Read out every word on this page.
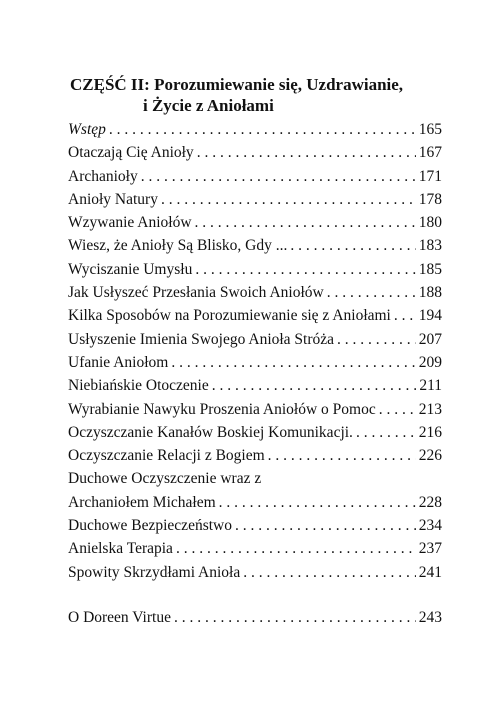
CZĘŚĆ II: Porozumiewanie się, Uzdrawianie,
i Życie z Aniołami
Wstęp . . .	165
Otaczają Cię Anioły . . .	167
Archanioły . . .	171
Anioły Natury . . .	178
Wzywanie Aniołów . . .	180
Wiesz, że Anioły Są Blisko, Gdy ... . . .	183
Wyciszanie Umysłu . . .	185
Jak Usłyszeć Przesłania Swoich Aniołów . . .	188
Kilka Sposobów na Porozumiewanie się z Aniołami . . . 194
Usłyszenie Imienia Swojego Anioła Stróża . . .	207
Ufanie Aniołom . . .	209
Niebiańskie Otoczenie . . .	211
Wyrabianie Nawyku Proszenia Aniołów o Pomoc . . .	213
Oczyszczanie Kanałów Boskiej Komunikacji. . . .	216
Oczyszczanie Relacji z Bogiem . . .	226
Duchowe Oczyszczenie wraz z
Archaniołem Michałem . . .	228
Duchowe Bezpieczeństwo . . .	234
Anielska Terapia . . .	237
Spowity Skrzydłami Anioła . . .	241
O Doreen Virtue . . .	243
